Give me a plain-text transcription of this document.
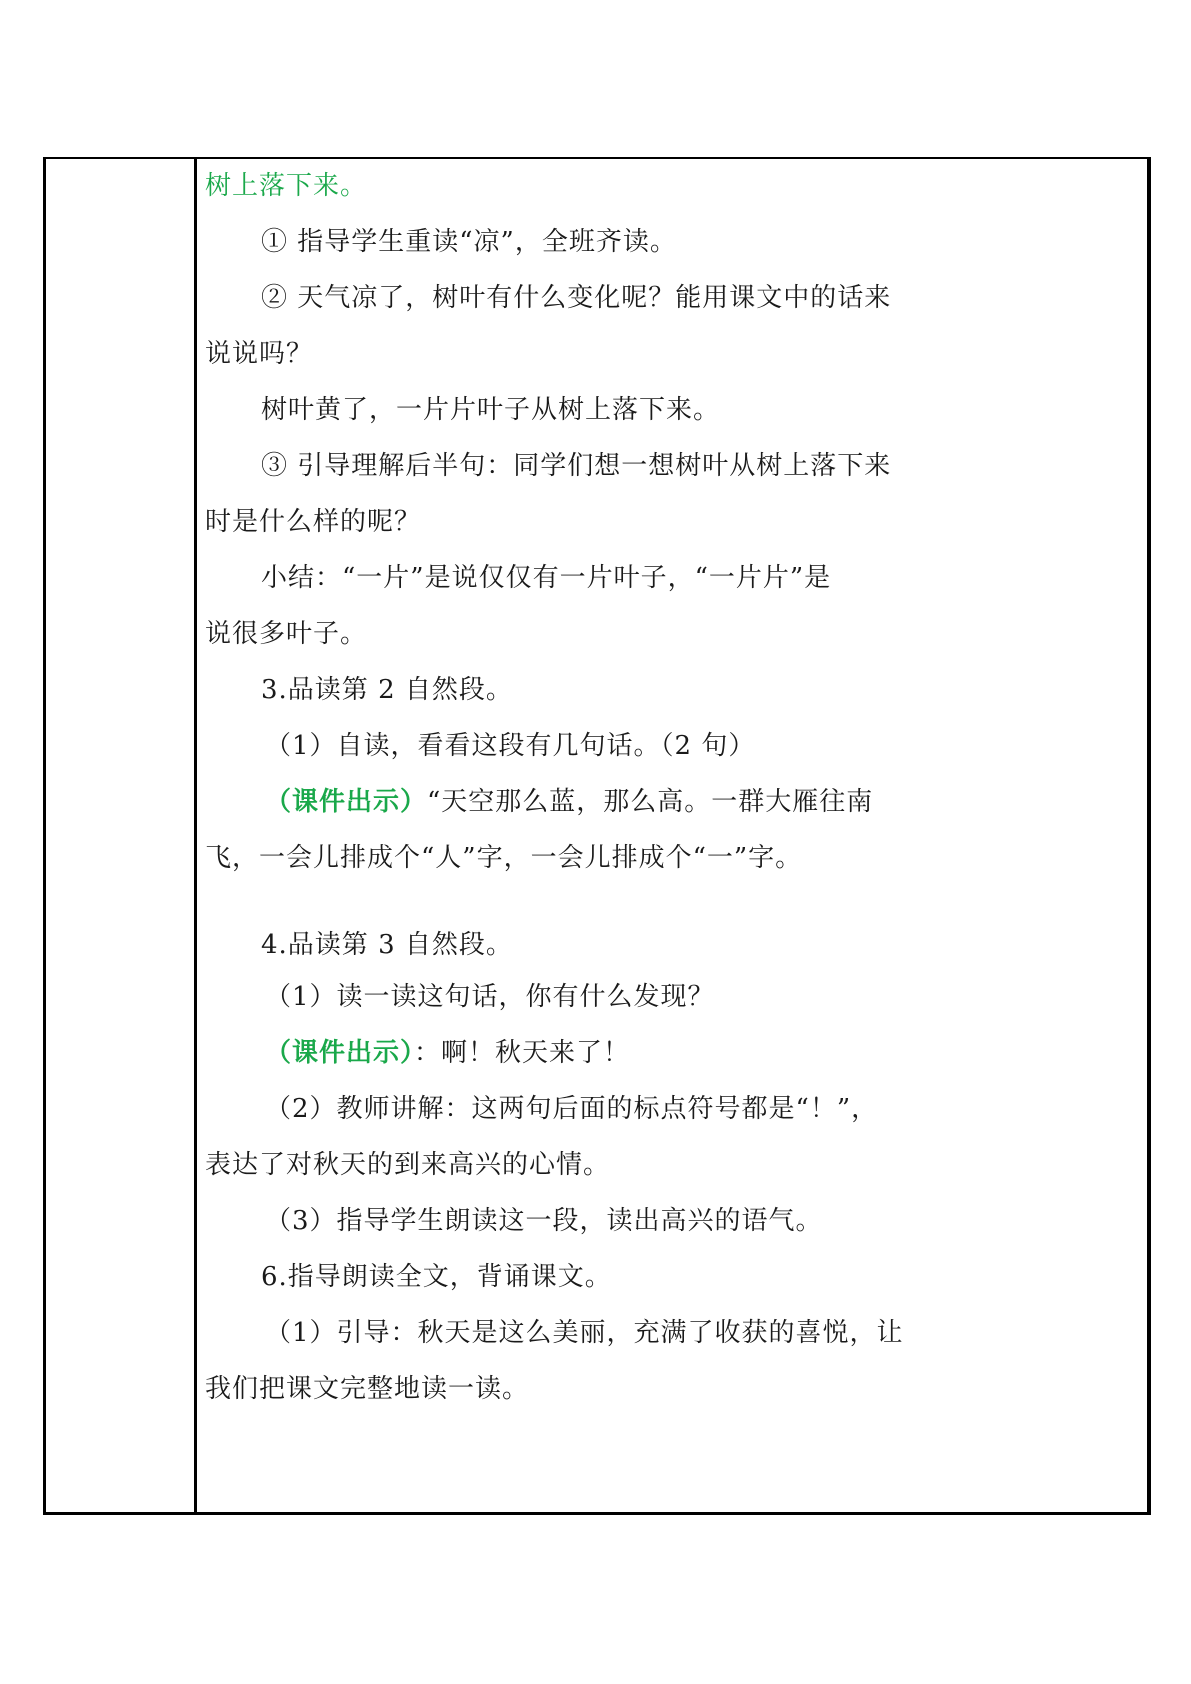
树上落下来。
① 指导学生重读“凉”，全班齐读。
② 天气凉了，树叶有什么变化呢？能用课文中的话来
说说吗？
树叶黄了，一片片叶子从树上落下来。
③ 引导理解后半句：同学们想一想树叶从树上落下来
时是什么样的呢？
小结：“一片”是说仅仅有一片叶子，“一片片”是
说很多叶子。
3.品读第 2 自然段。
（1）自读，看看这段有几句话。（2 句）
（课件出示）“天空那么蓝，那么高。一群大雁往南
飞，一会儿排成个“人”字，一会儿排成个“一”字。
4.品读第 3 自然段。
（1）读一读这句话，你有什么发现？
（课件出示）：啊！秋天来了！
（2）教师讲解：这两句后面的标点符号都是“！”，
表达了对秋天的到来高兴的心情。
（3）指导学生朗读这一段，读出高兴的语气。
6.指导朗读全文，背诵课文。
（1）引导：秋天是这么美丽，充满了收获的喜悦，让
我们把课文完整地读一读。
